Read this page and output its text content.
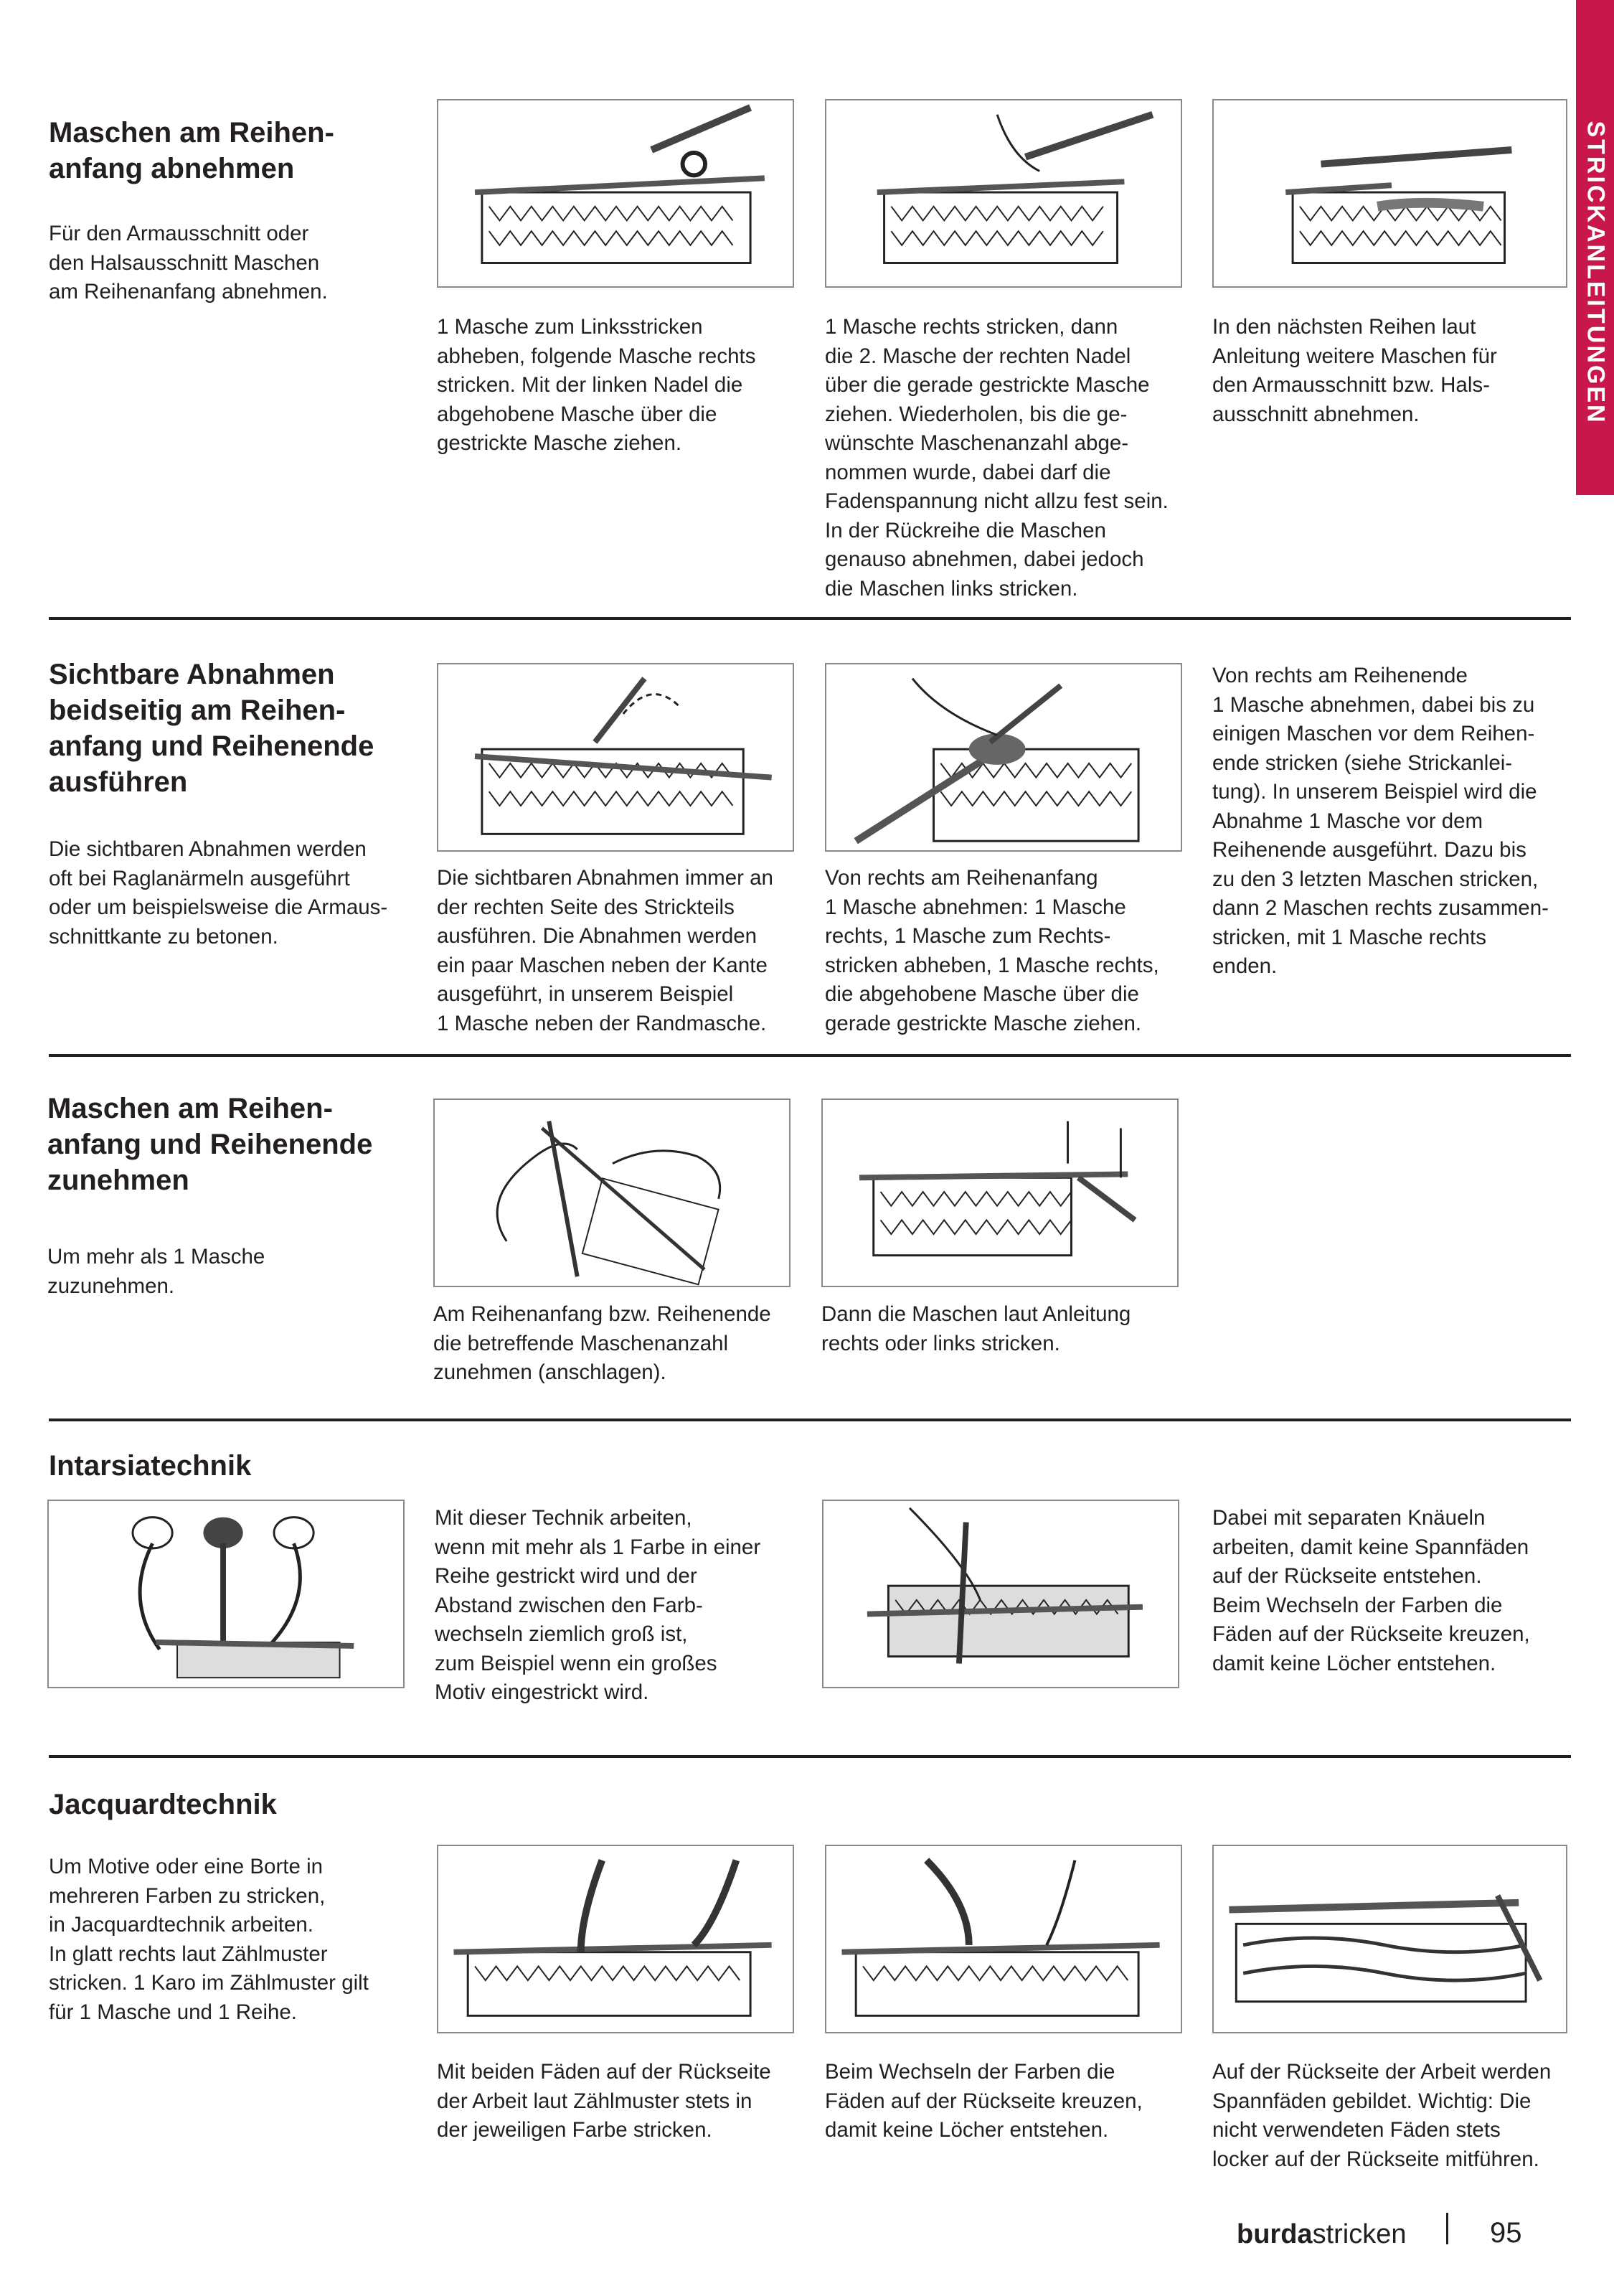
STRICKANLEITUNGEN
Maschen am Reihen-
anfang abnehmen
Für den Armausschnitt oder
den Halsausschnitt Maschen
am Reihenanfang abnehmen.
1 Masche zum Linksstricken
abheben, folgende Masche rechts
stricken. Mit der linken Nadel die
abgehobene Masche über die
gestrickte Masche ziehen.
1 Masche rechts stricken, dann
die 2. Masche der rechten Nadel
über die gerade gestrickte Masche
ziehen. Wiederholen, bis die ge-
wünschte Maschenanzahl abge-
nommen wurde, dabei darf die
Fadenspannung nicht allzu fest sein.
In der Rückreihe die Maschen
genauso abnehmen, dabei jedoch
die Maschen links stricken.
In den nächsten Reihen laut
Anleitung weitere Maschen für
den Armausschnitt bzw. Hals-
ausschnitt abnehmen.
Sichtbare Abnahmen
beidseitig am Reihen-
anfang und Reihenende
ausführen
Die sichtbaren Abnahmen werden
oft bei Raglanärmeln ausgeführt
oder um beispielsweise die Armaus-
schnittkante zu betonen.
Die sichtbaren Abnahmen immer an
der rechten Seite des Strickteils
ausführen. Die Abnahmen werden
ein paar Maschen neben der Kante
ausgeführt, in unserem Beispiel
1 Masche neben der Randmasche.
Von rechts am Reihenanfang
1 Masche abnehmen: 1 Masche
rechts, 1 Masche zum Rechts-
stricken abheben, 1 Masche rechts,
die abgehobene Masche über die
gerade gestrickte Masche ziehen.
Von rechts am Reihenende
1 Masche abnehmen, dabei bis zu
einigen Maschen vor dem Reihen-
ende stricken (siehe Strickanlei-
tung). In unserem Beispiel wird die
Abnahme 1 Masche vor dem
Reihenende ausgeführt. Dazu bis
zu den 3 letzten Maschen stricken,
dann 2 Maschen rechts zusammen-
stricken, mit 1 Masche rechts
enden.
Maschen am Reihen-
anfang und Reihenende
zunehmen
Um mehr als 1 Masche
zuzunehmen.
Am Reihenanfang bzw. Reihenende
die betreffende Maschenanzahl
zunehmen (anschlagen).
Dann die Maschen laut Anleitung
rechts oder links stricken.
Intarsiatechnik
Mit dieser Technik arbeiten,
wenn mit mehr als 1 Farbe in einer
Reihe gestrickt wird und der
Abstand zwischen den Farb-
wechseln ziemlich groß ist,
zum Beispiel wenn ein großes
Motiv eingestrickt wird.
Dabei mit separaten Knäueln
arbeiten, damit keine Spannfäden
auf der Rückseite entstehen.
Beim Wechseln der Farben die
Fäden auf der Rückseite kreuzen,
damit keine Löcher entstehen.
Jacquardtechnik
Um Motive oder eine Borte in
mehreren Farben zu stricken,
in Jacquardtechnik arbeiten.
In glatt rechts laut Zählmuster
stricken. 1 Karo im Zählmuster gilt
für 1 Masche und 1 Reihe.
Mit beiden Fäden auf der Rückseite
der Arbeit laut Zählmuster stets in
der jeweiligen Farbe stricken.
Beim Wechseln der Farben die
Fäden auf der Rückseite kreuzen,
damit keine Löcher entstehen.
Auf der Rückseite der Arbeit werden
Spannfäden gebildet. Wichtig: Die
nicht verwendeten Fäden stets
locker auf der Rückseite mitführen.
burdastricken	95
